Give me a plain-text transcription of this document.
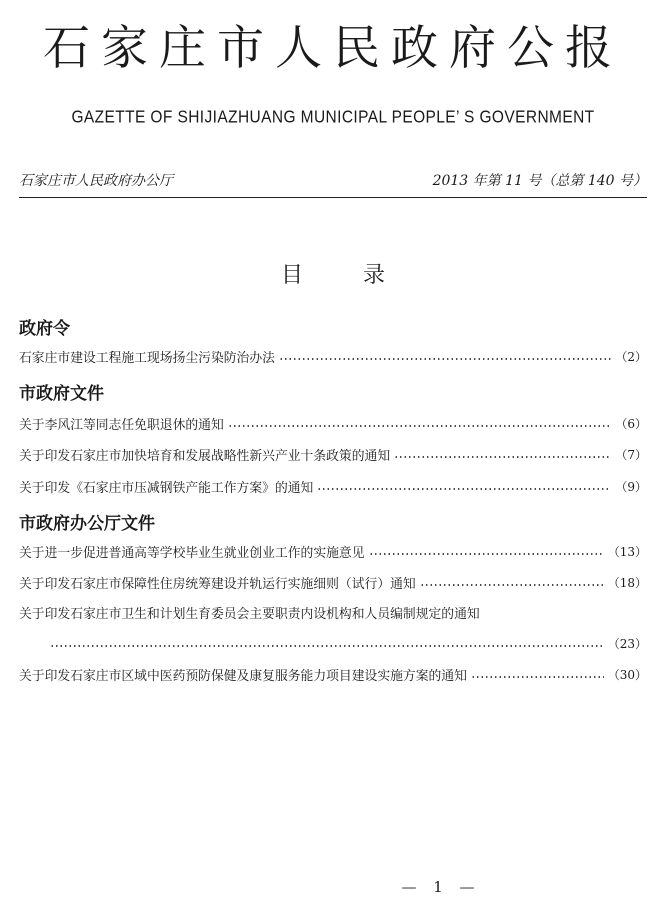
石家庄市人民政府公报
GAZETTE OF SHIJIAZHUANG MUNICIPAL PEOPLE’ S GOVERNMENT
石家庄市人民政府办公厅	2013 年第 11 号（总第 140 号）
目	录
政府令
石家庄市建设工程施工现场扬尘污染防治办法	（2）
市政府文件
关于李风江等同志任免职退休的通知	（6）
关于印发石家庄市加快培育和发展战略性新兴产业十条政策的通知	（7）
关于印发《石家庄市压减钢铁产能工作方案》的通知	（9）
市政府办公厅文件
关于进一步促进普通高等学校毕业生就业创业工作的实施意见	（13）
关于印发石家庄市保障性住房统筹建设并轨运行实施细则（试行）通知	（18）
关于印发石家庄市卫生和计划生育委员会主要职责内设机构和人员编制规定的通知
（23）
关于印发石家庄市区域中医药预防保健及康复服务能力项目建设实施方案的通知	（30）
— 1 —
